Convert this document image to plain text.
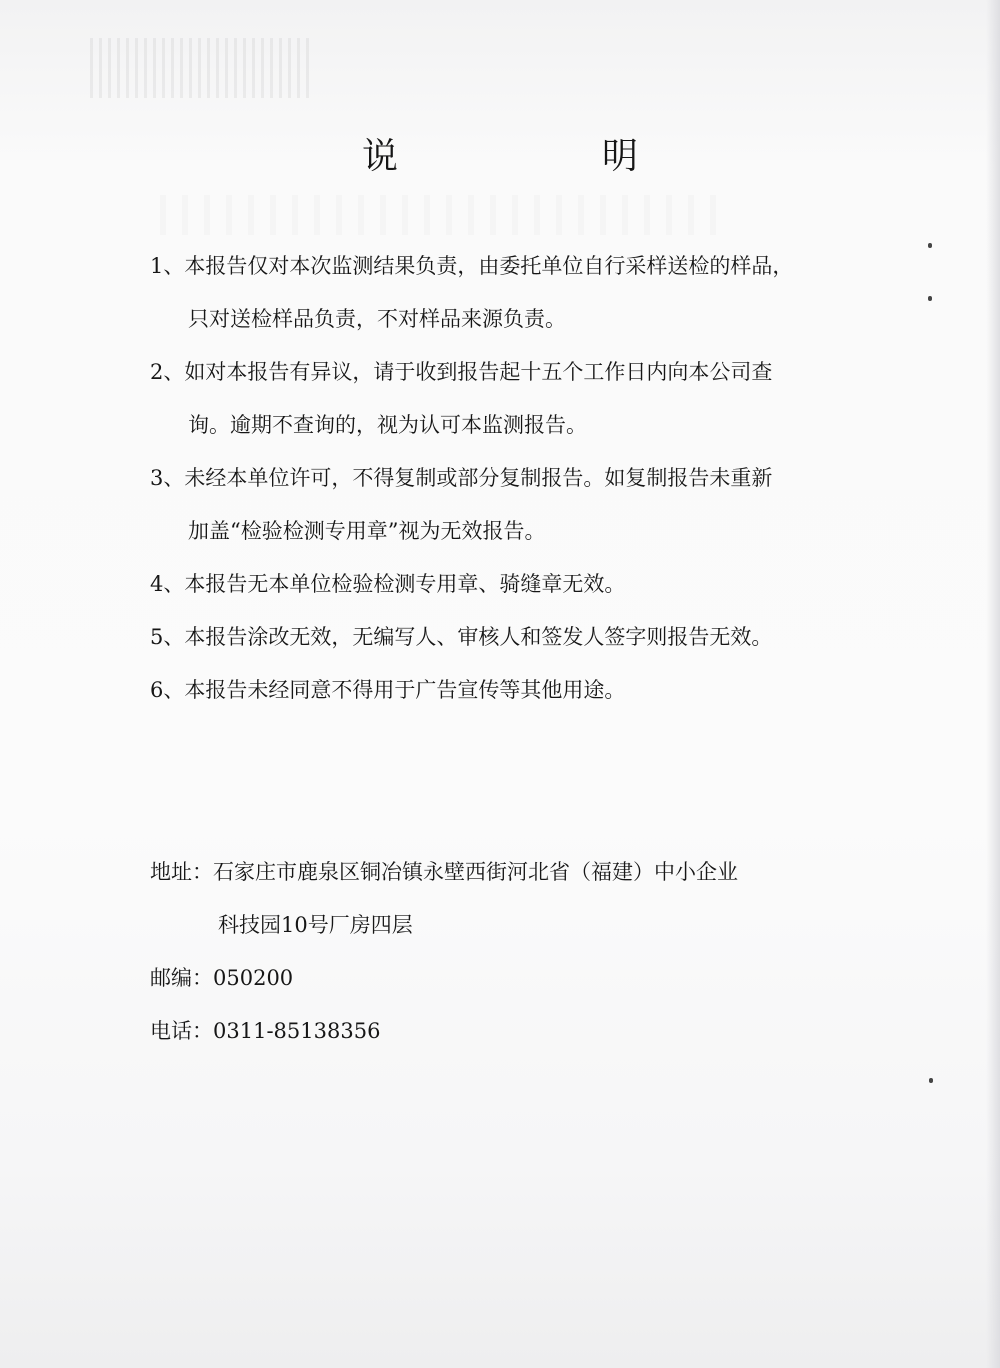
说　明
1、本报告仅对本次监测结果负责，由委托单位自行采样送检的样品，
只对送检样品负责，不对样品来源负责。
2、如对本报告有异议，请于收到报告起十五个工作日内向本公司查
询。逾期不查询的，视为认可本监测报告。
3、未经本单位许可，不得复制或部分复制报告。如复制报告未重新
加盖“检验检测专用章”视为无效报告。
4、本报告无本单位检验检测专用章、骑缝章无效。
5、本报告涂改无效，无编写人、审核人和签发人签字则报告无效。
6、本报告未经同意不得用于广告宣传等其他用途。
地址：石家庄市鹿泉区铜冶镇永壁西街河北省（福建）中小企业
科技园10号厂房四层
邮编：050200
电话：0311-85138356
